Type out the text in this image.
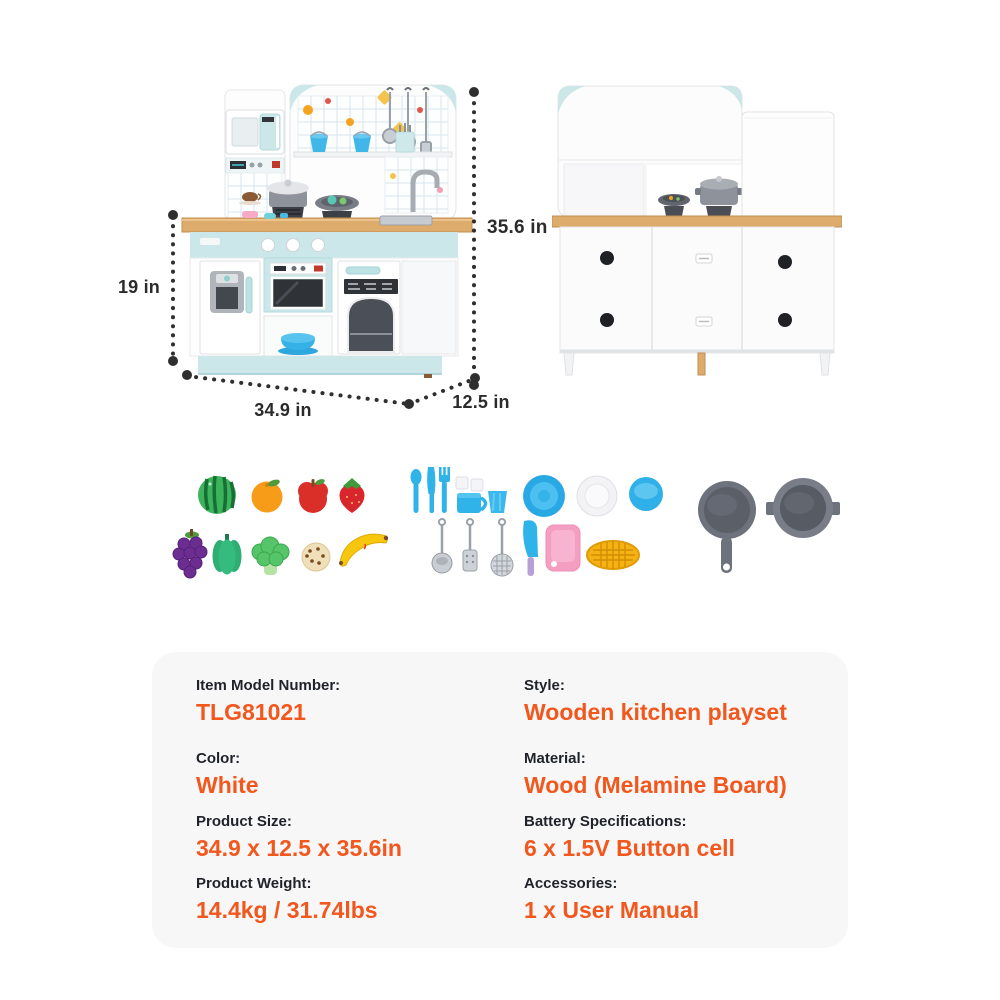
19 in
35.6 in
34.9 in	12.5 in
Item Model Number:
TLG81021
Color:
White
Product Size:
34.9 x 12.5 x 35.6in
Product Weight:
14.4kg / 31.74lbs
Style:
Wooden kitchen playset
Material:
Wood (Melamine Board)
Battery Specifications:
6 x 1.5V Button cell
Accessories:
1 x User Manual
